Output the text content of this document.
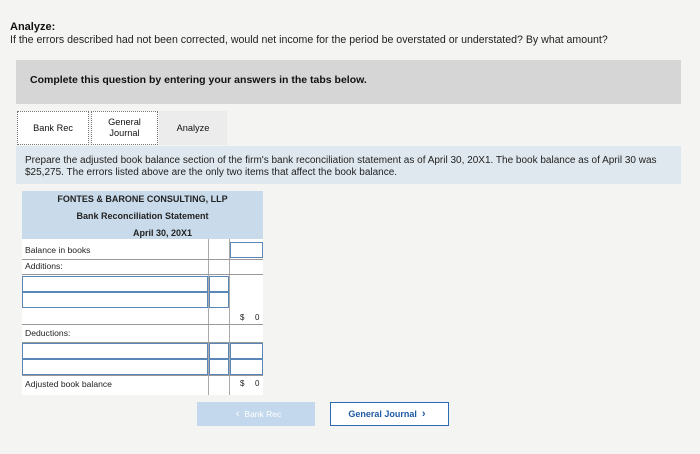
Analyze:
If the errors described had not been corrected, would net income for the period be overstated or understated? By what amount?
Complete this question by entering your answers in the tabs below.
Bank Rec
General Journal
Analyze
Prepare the adjusted book balance section of the firm's bank reconciliation statement as of April 30, 20X1. The book balance as of April 30 was $25,275. The errors listed above are the only two items that affect the book balance.
FONTES & BARONE CONSULTING, LLP
Bank Reconciliation Statement
April 30, 20X1
Balance in books
Additions:
$ 0
Deductions:
Adjusted book balance	$ 0
‹ Bank Rec	General Journal ›
